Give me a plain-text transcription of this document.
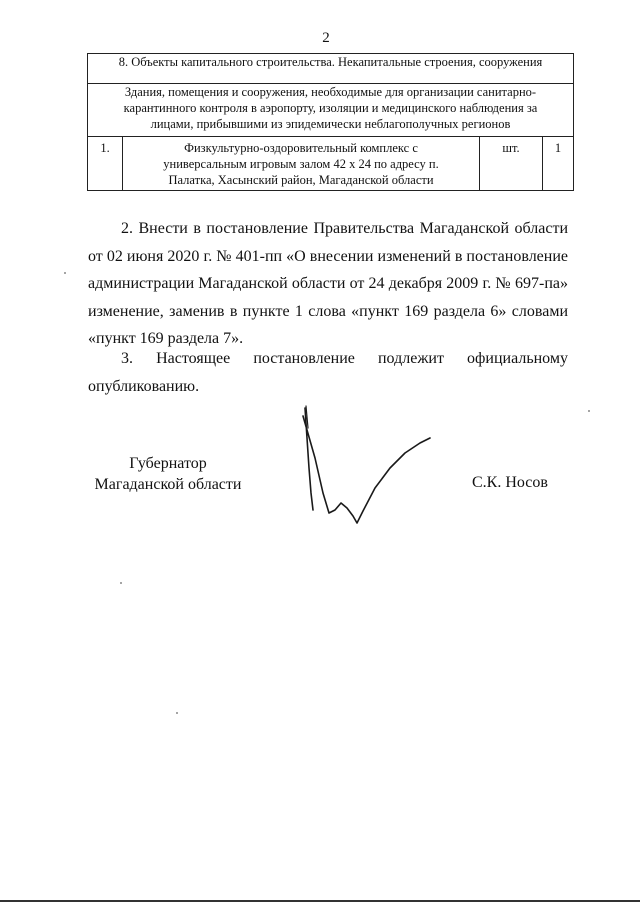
2
8. Объекты капитального строительства. Некапитальные строения, сооружения
Здания, помещения и сооружения, необходимые для организации санитарно-карантинного контроля в аэропорту, изоляции и медицинского наблюдения за лицами, прибывшими из эпидемически неблагополучных регионов
1.	Физкультурно-оздоровительный комплекс с универсальным игровым залом 42 х 24 по адресу п. Палатка, Хасынский район, Магаданской области	шт.	1
2. Внести в постановление Правительства Магаданской области от 02 июня 2020 г. № 401-пп «О внесении изменений в постановление администрации Магаданской области от 24 декабря 2009 г. № 697-па» изменение, заменив в пункте 1 слова «пункт 169 раздела 6» словами «пункт 169 раздела 7».
3. Настоящее постановление подлежит официальному опубликованию.
Губернатор
Магаданской области	С.К. Носов
